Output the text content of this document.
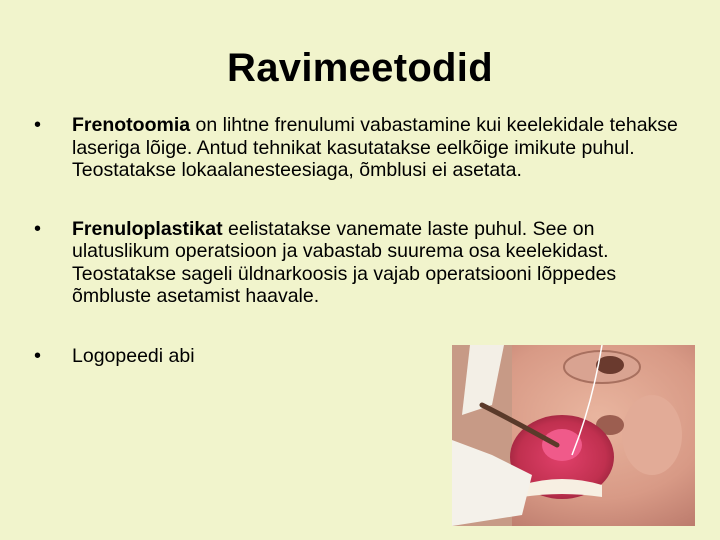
Ravimeetodid
•	Frenotoomia on lihtne frenulumi vabastamine kui keelekidale tehakse laseriga lõige. Antud tehnikat kasutatakse eelkõige imikute puhul. Teostatakse lokaalanesteesiaga, õmblusi ei asetata.
•	Frenuloplastikat eelistatakse vanemate laste puhul. See on ulatuslikum operatsioon ja vabastab suurema osa keelekidast. Teostatakse sageli üldnarkoosis ja vajab operatsiooni lõppedes õmbluste asetamist haavale.
•	Logopeedi abi
